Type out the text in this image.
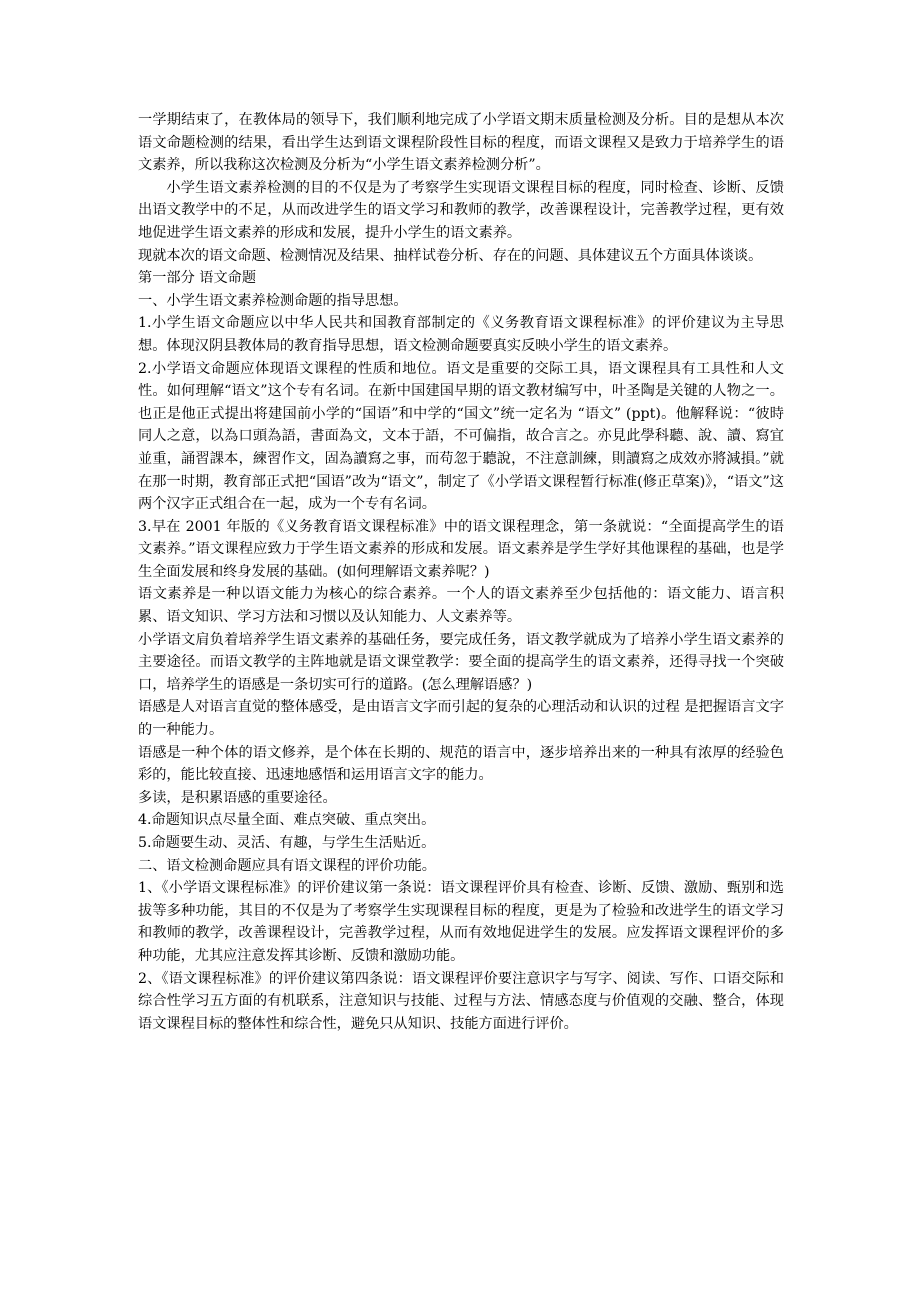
一学期结束了，在教体局的领导下，我们顺利地完成了小学语文期末质量检测及分析。目的是想从本次语文命题检测的结果，看出学生达到语文课程阶段性目标的程度，而语文课程又是致力于培养学生的语文素养，所以我称这次检测及分析为“小学生语文素养检测分析”。

小学生语文素养检测的目的不仅是为了考察学生实现语文课程目标的程度，同时检查、诊断、反馈出语文教学中的不足，从而改进学生的语文学习和教师的教学，改善课程设计，完善教学过程，更有效地促进学生语文素养的形成和发展，提升小学生的语文素养。

现就本次的语文命题、检测情况及结果、抽样试卷分析、存在的问题、具体建议五个方面具体谈谈。

第一部分 语文命题

一、小学生语文素养检测命题的指导思想。

1.小学生语文命题应以中华人民共和国教育部制定的《义务教育语文课程标准》的评价建议为主导思想。体现汉阴县教体局的教育指导思想，语文检测命题要真实反映小学生的语文素养。

2.小学语文命题应体现语文课程的性质和地位。语文是重要的交际工具，语文课程具有工具性和人文性。如何理解“语文”这个专有名词。在新中国建国早期的语文教材编写中，叶圣陶是关键的人物之一。也正是他正式提出将建国前小学的“国语”和中学的“国文”统一定名为 “语文” (ppt)。他解释说：“彼時同人之意，以為口頭為語，書面為文，文本于語，不可偏指，故合言之。亦見此學科聽、說、讀、寫宜並重，誦習課本，練習作文，固為讀寫之事，而苟忽于聽說，不注意訓練，則讀寫之成效亦將減損。”就在那一时期，教育部正式把“国语”改为“语文”，制定了《小学语文课程暂行标准(修正草案)》，“语文”这两个汉字正式组合在一起，成为一个专有名词。

3.早在 2001 年版的《义务教育语文课程标准》中的语文课程理念，第一条就说：“全面提高学生的语文素养。”语文课程应致力于学生语文素养的形成和发展。语文素养是学生学好其他课程的基础，也是学生全面发展和终身发展的基础。(如何理解语文素养呢？)

语文素养是一种以语文能力为核心的综合素养。一个人的语文素养至少包括他的：语文能力、语言积累、语文知识、学习方法和习惯以及认知能力、人文素养等。

小学语文肩负着培养学生语文素养的基础任务，要完成任务，语文教学就成为了培养小学生语文素养的主要途径。而语文教学的主阵地就是语文课堂教学：要全面的提高学生的语文素养，还得寻找一个突破口，培养学生的语感是一条切实可行的道路。(怎么理解语感？)

语感是人对语言直觉的整体感受，是由语言文字而引起的复杂的心理活动和认识的过程 是把握语言文字的一种能力。

语感是一种个体的语文修养，是个体在长期的、规范的语言中，逐步培养出来的一种具有浓厚的经验色彩的，能比较直接、迅速地感悟和运用语言文字的能力。

多读，是积累语感的重要途径。

4.命题知识点尽量全面、难点突破、重点突出。

5.命题要生动、灵活、有趣，与学生生活贴近。

二、语文检测命题应具有语文课程的评价功能。

1、《小学语文课程标准》的评价建议第一条说：语文课程评价具有检查、诊断、反馈、激励、甄别和选拔等多种功能，其目的不仅是为了考察学生实现课程目标的程度，更是为了检验和改进学生的语文学习和教师的教学，改善课程设计，完善教学过程，从而有效地促进学生的发展。应发挥语文课程评价的多种功能，尤其应注意发挥其诊断、反馈和激励功能。

2、《语文课程标准》的评价建议第四条说：语文课程评价要注意识字与写字、阅读、写作、口语交际和综合性学习五方面的有机联系，注意知识与技能、过程与方法、情感态度与价值观的交融、整合，体现语文课程目标的整体性和综合性，避免只从知识、技能方面进行评价。
